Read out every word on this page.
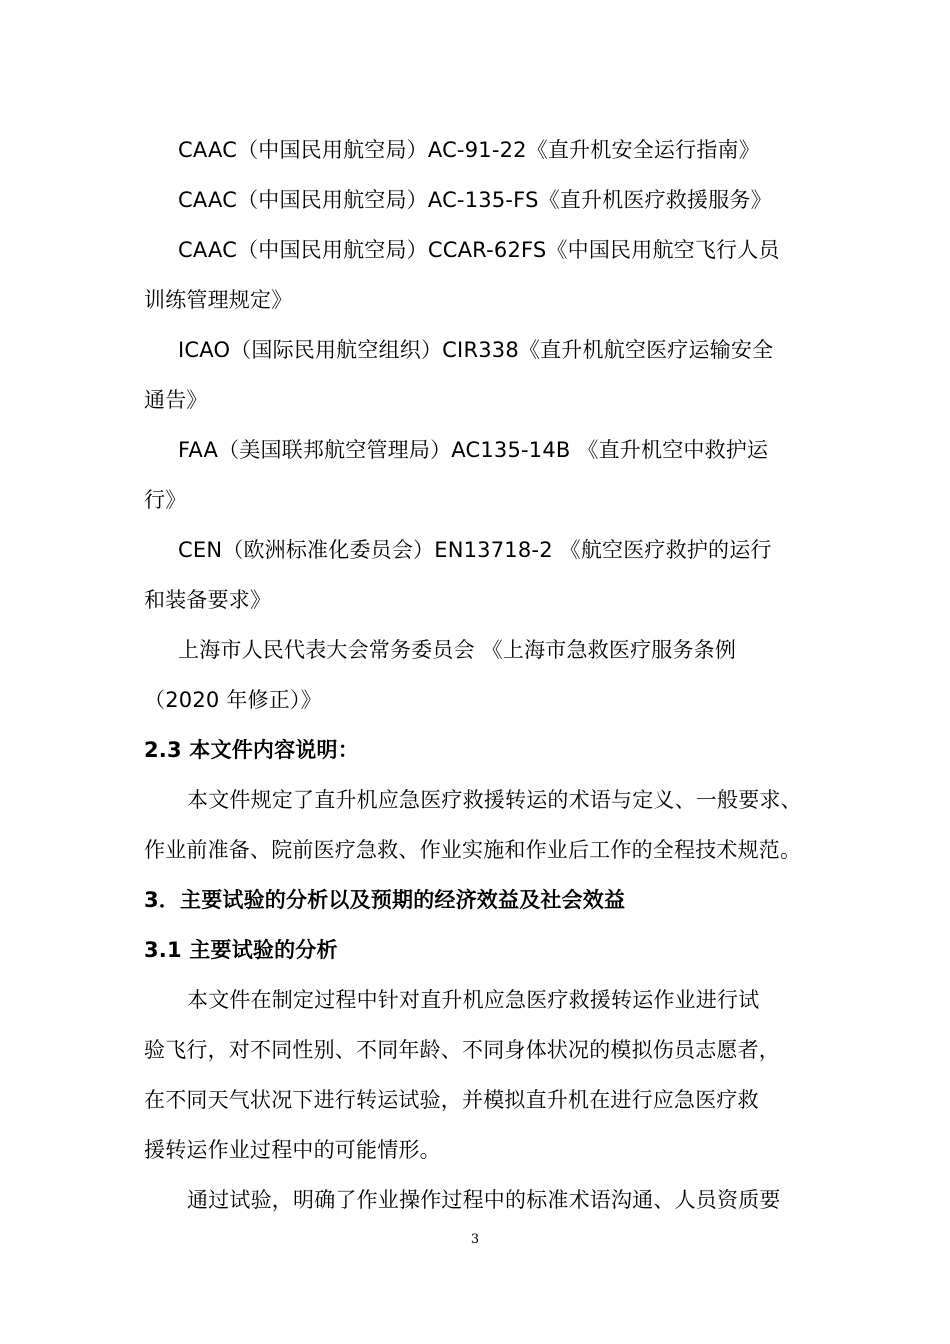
CAAC（中国民用航空局）AC-91-22《直升机安全运行指南》
CAAC（中国民用航空局）AC-135-FS《直升机医疗救援服务》
CAAC（中国民用航空局）CCAR-62FS《中国民用航空飞行人员
训练管理规定》
ICAO（国际民用航空组织）CIR338《直升机航空医疗运输安全
通告》
FAA（美国联邦航空管理局）AC135-14B 《直升机空中救护运
行》
CEN（欧洲标准化委员会）EN13718-2 《航空医疗救护的运行
和装备要求》
上海市人民代表大会常务委员会 《上海市急救医疗服务条例
（2020 年修正）》
2.3 本文件内容说明：
本文件规定了直升机应急医疗救援转运的术语与定义、一般要求、
作业前准备、院前医疗急救、作业实施和作业后工作的全程技术规范。
3．主要试验的分析以及预期的经济效益及社会效益
3.1 主要试验的分析
本文件在制定过程中针对直升机应急医疗救援转运作业进行试
验飞行，对不同性别、不同年龄、不同身体状况的模拟伤员志愿者，
在不同天气状况下进行转运试验，并模拟直升机在进行应急医疗救
援转运作业过程中的可能情形。
通过试验，明确了作业操作过程中的标准术语沟通、人员资质要
3
